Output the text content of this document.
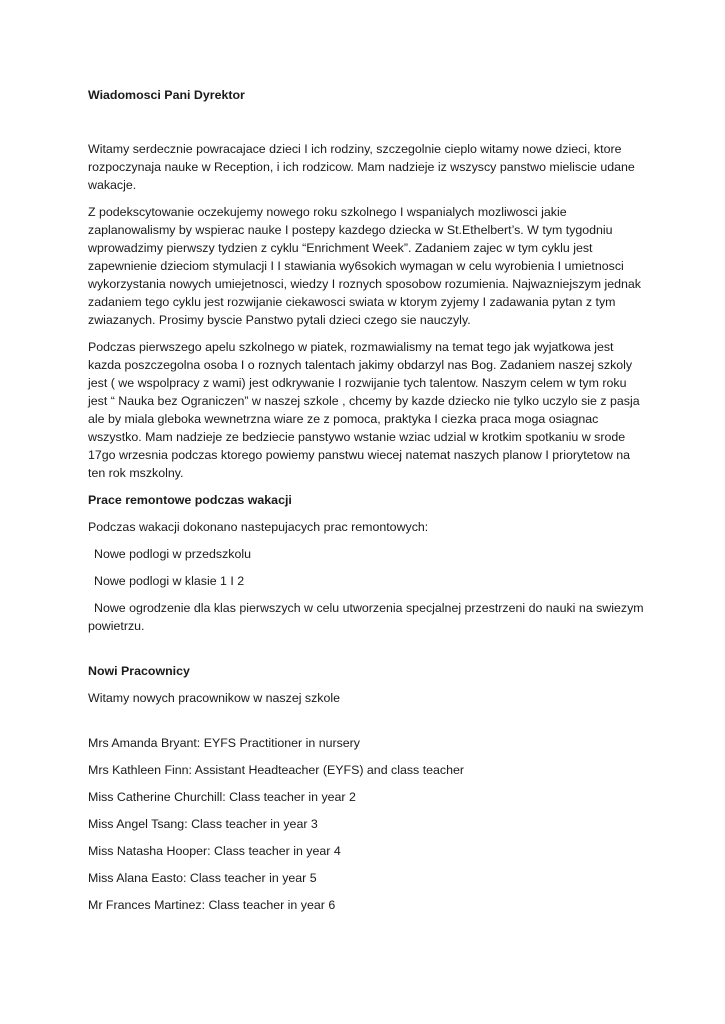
Wiadomosci Pani Dyrektor

Witamy serdecznie powracajace dzieci I ich rodziny, szczegolnie cieplo witamy nowe dzieci, ktore rozpoczynaja nauke w Reception, i ich rodzicow. Mam nadzieje iz wszyscy panstwo mieliscie udane wakacje.

Z podekscytowanie oczekujemy nowego roku szkolnego I wspanialych mozliwosci jakie zaplanowalismy by wspierac nauke I postepy kazdego dziecka w St.Ethelbert’s. W tym tygodniu wprowadzimy pierwszy tydzien z cyklu “Enrichment Week”. Zadaniem zajec w tym cyklu jest zapewnienie dzieciom stymulacji I I stawiania wy6sokich wymagan w celu wyrobienia I umietnosci wykorzystania nowych umiejetnosci, wiedzy I roznych sposobow rozumienia. Najwazniejszym jednak zadaniem tego cyklu jest rozwijanie ciekawosci swiata w ktorym zyjemy I zadawania pytan z tym zwiazanych. Prosimy byscie Panstwo pytali dzieci czego sie nauczyly.

Podczas pierwszego apelu szkolnego w piatek, rozmawialismy na temat tego jak wyjatkowa jest kazda poszczegolna osoba I o roznych talentach jakimy obdarzyl nas Bog. Zadaniem naszej szkoly jest ( we wspolpracy z wami) jest odkrywanie I rozwijanie tych talentow. Naszym celem w tym roku jest “ Nauka bez Ograniczen” w naszej szkole , chcemy by kazde dziecko nie tylko uczylo sie z pasja ale by miala gleboka wewnetrzna wiare ze z pomoca, praktyka I ciezka praca moga osiagnac wszystko. Mam nadzieje ze bedziecie panstywo wstanie wziac udzial w krotkim spotkaniu w srode 17go wrzesnia podczas ktorego powiemy panstwu wiecej natemat naszych planow I priorytetow na ten rok mszkolny.

Prace remontowe podczas wakacji

Podczas wakacji dokonano nastepujacych prac remontowych:

Nowe podlogi w przedszkolu
Nowe podlogi w klasie 1 I 2
Nowe ogrodzenie dla klas pierwszych w celu utworzenia specjalnej przestrzeni do nauki na swiezym powietrzu.
Nowi Pracownicy

Witamy nowych pracownikow w naszej szkole

Mrs Amanda Bryant: EYFS Practitioner in nursery
Mrs Kathleen Finn: Assistant Headteacher (EYFS) and class teacher
Miss Catherine Churchill: Class teacher in year 2
Miss Angel Tsang: Class teacher in year 3
Miss Natasha Hooper: Class teacher in year 4
Miss Alana Easto: Class teacher in year 5
Mr Frances Martinez: Class teacher in year 6
